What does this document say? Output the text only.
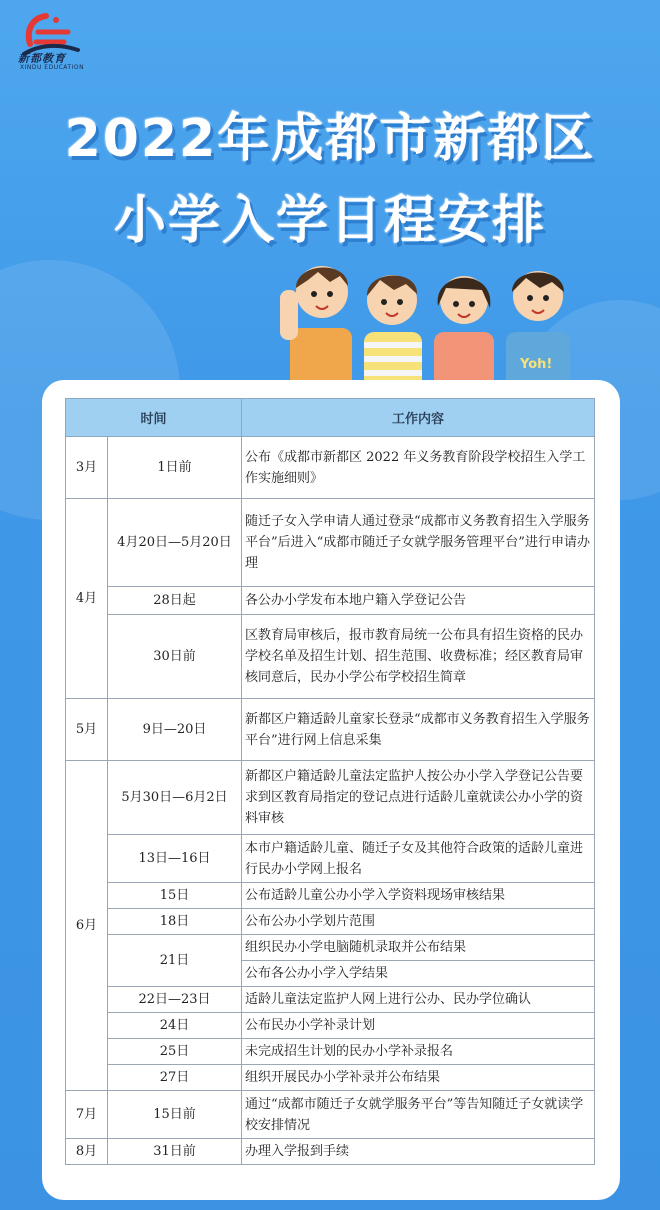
新都教育
XINDU EDUCATION
2022年成都市新都区
小学入学日程安排
Yoh!
时间		工作内容
3月	1日前	公布《成都市新都区 2022 年义务教育阶段学校招生入学工作实施细则》
4月	4月20日—5月20日	随迁子女入学申请人通过登录“成都市义务教育招生入学服务平台”后进入“成都市随迁子女就学服务管理平台”进行申请办理
	28日起	各公办小学发布本地户籍入学登记公告
	30日前	区教育局审核后，报市教育局统一公布具有招生资格的民办学校名单及招生计划、招生范围、收费标准；经区教育局审核同意后，民办小学公布学校招生简章
5月	9日—20日	新都区户籍适龄儿童家长登录“成都市义务教育招生入学服务平台”进行网上信息采集
6月	5月30日—6月2日	新都区户籍适龄儿童法定监护人按公办小学入学登记公告要求到区教育局指定的登记点进行适龄儿童就读公办小学的资料审核
	13日—16日	本市户籍适龄儿童、随迁子女及其他符合政策的适龄儿童进行民办小学网上报名
	15日	公布适龄儿童公办小学入学资料现场审核结果
	18日	公布公办小学划片范围
	21日	组织民办小学电脑随机录取并公布结果
		公布各公办小学入学结果
	22日—23日	适龄儿童法定监护人网上进行公办、民办学位确认
	24日	公布民办小学补录计划
	25日	未完成招生计划的民办小学补录报名
	27日	组织开展民办小学补录并公布结果
7月	15日前	通过“成都市随迁子女就学服务平台”等告知随迁子女就读学校安排情况
8月	31日前	办理入学报到手续
